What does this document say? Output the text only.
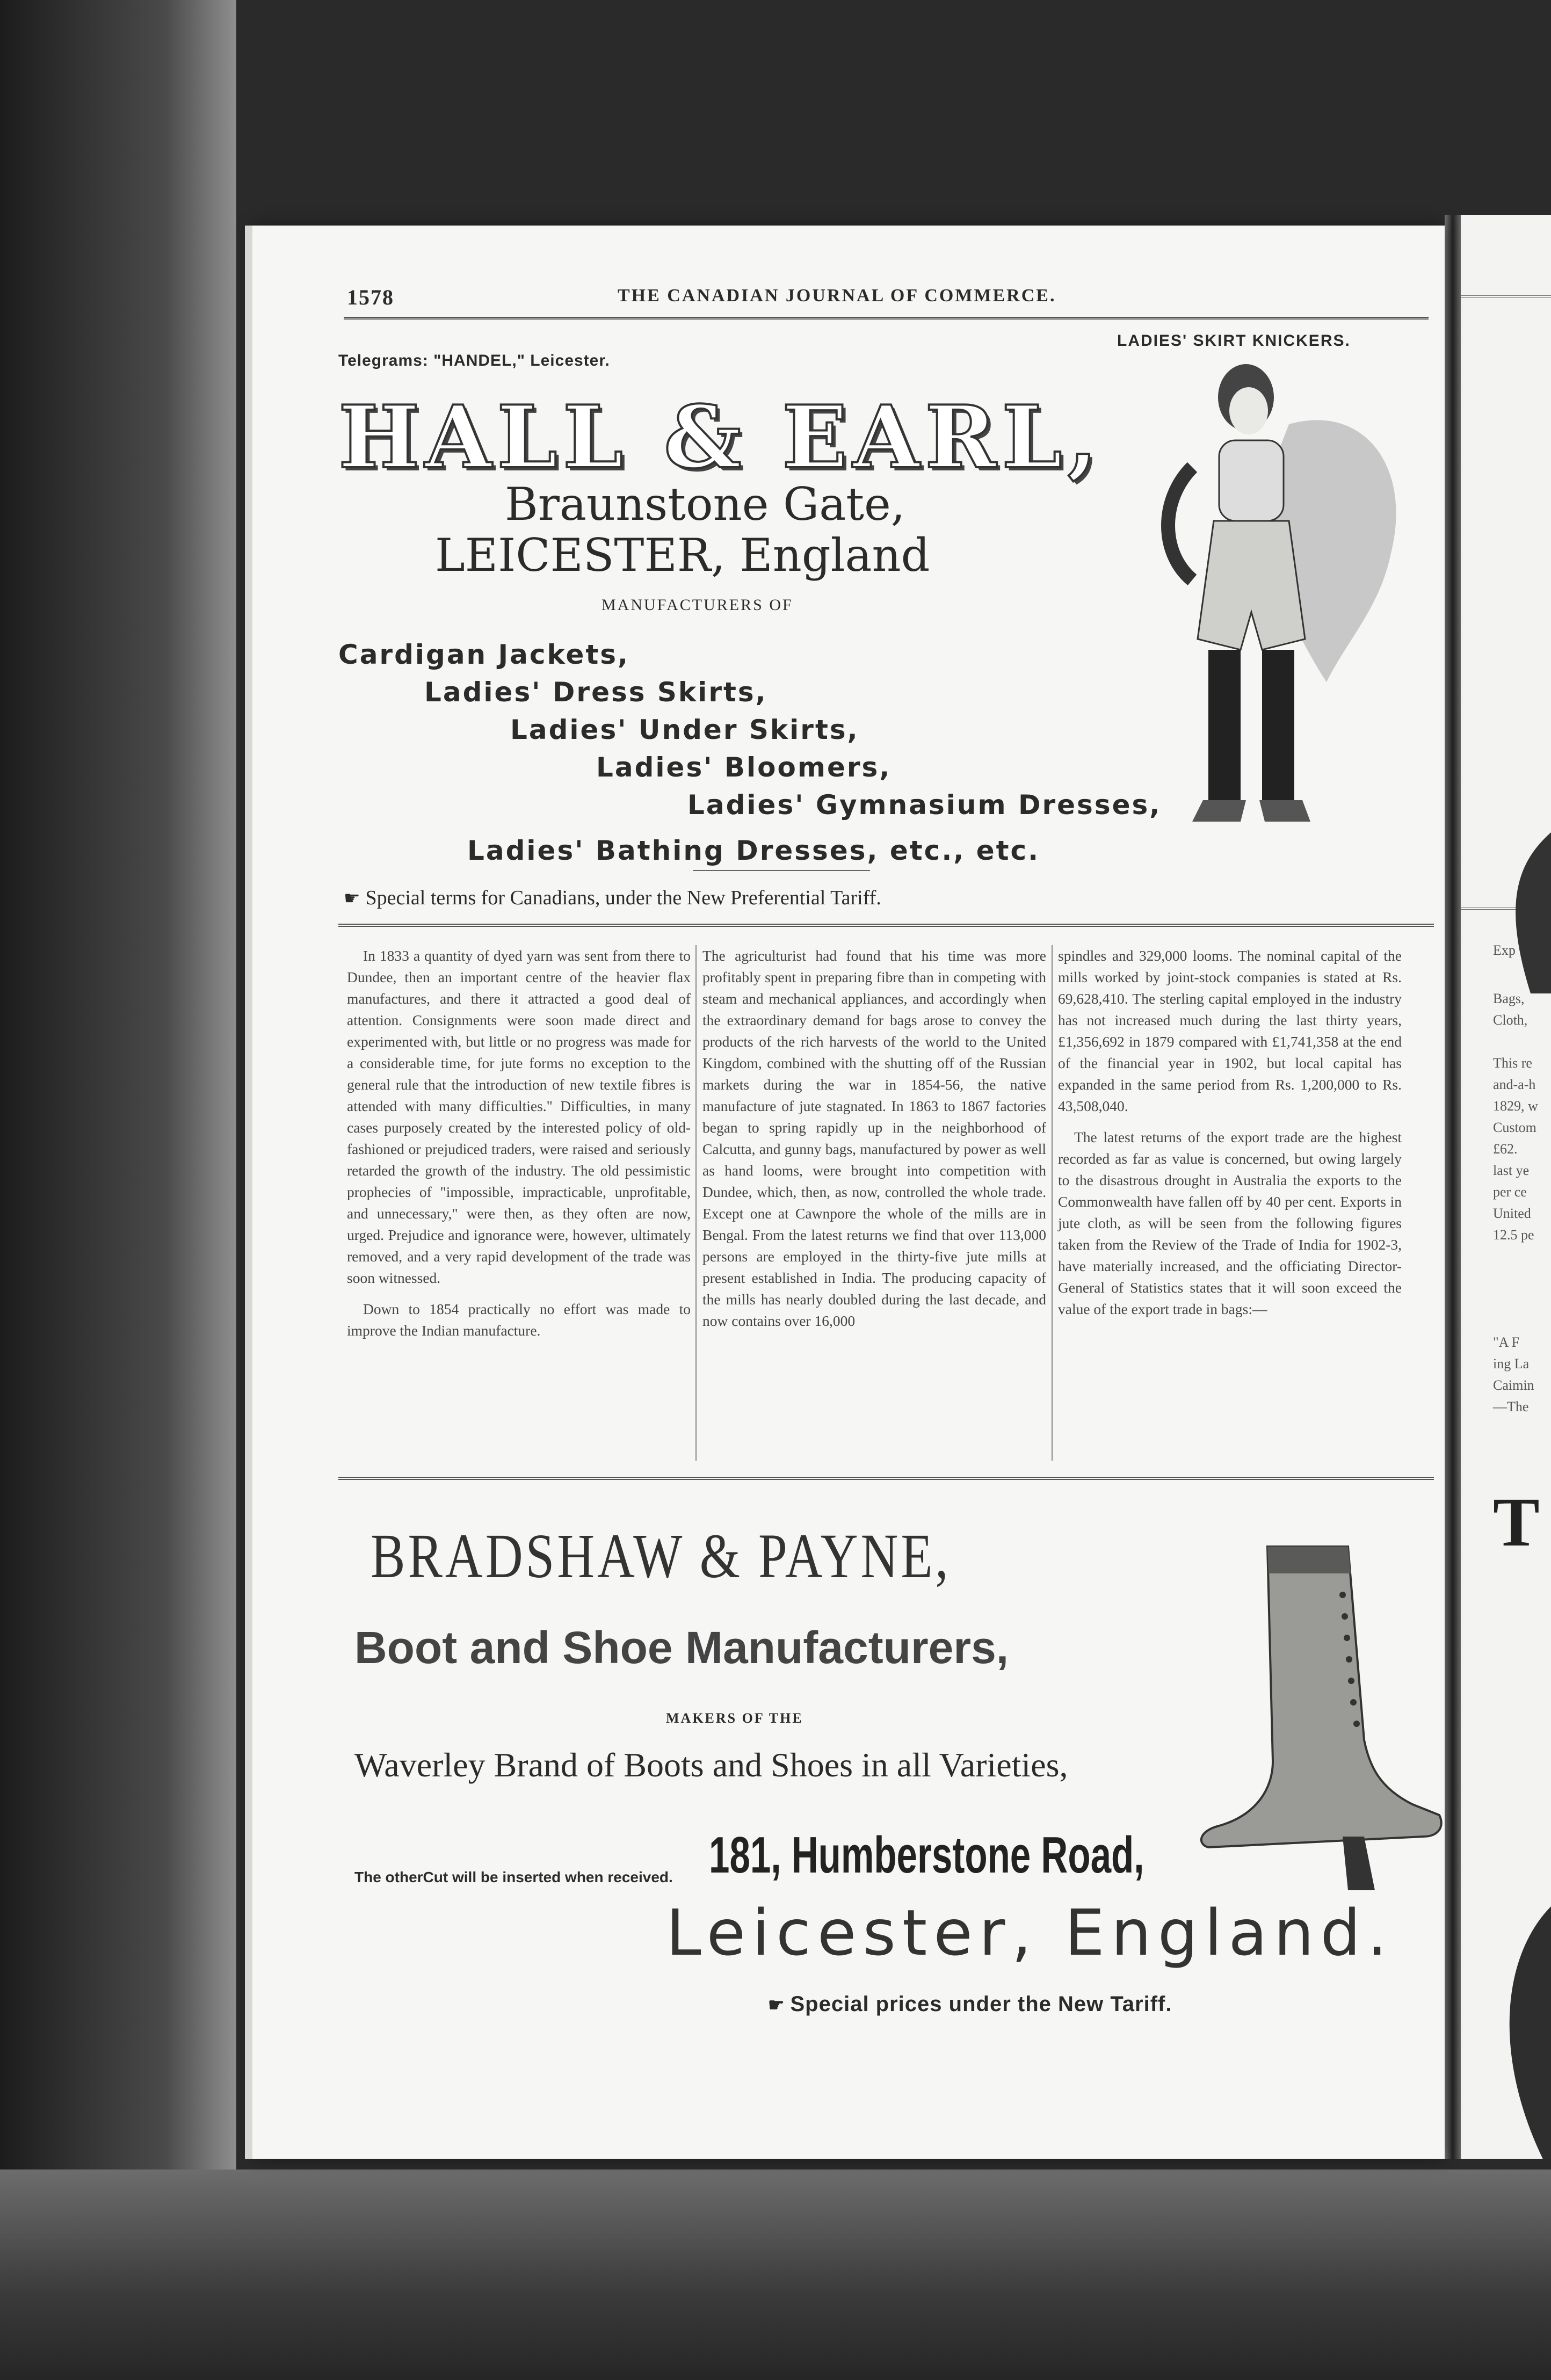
Exp
Bags,
Cloth,
This re
and-a-h
1829, w
Custom
£62.
last ye
per ce
United
12.5 pe
"A F
ing La
Caimin
—The
T
1578	THE CANADIAN JOURNAL OF COMMERCE.
Telegrams: "HANDEL," Leicester.
LADIES' SKIRT KNICKERS.
HALL & EARL,
Braunstone Gate,
LEICESTER, England
MANUFACTURERS OF
Cardigan Jackets,
Ladies' Dress Skirts,
Ladies' Under Skirts,
Ladies' Bloomers,
Ladies' Gymnasium Dresses,
Ladies' Bathing Dresses, etc., etc.
☛ Special terms for Canadians, under the New Preferential Tariff.

In 1833 a quantity of dyed yarn was sent from there to Dundee, then an important centre of the heavier flax manufactures, and there it attracted a good deal of attention. Consignments were soon made direct and experimented with, but little or no progress was made for a considerable time, for jute forms no exception to the general rule that the introduction of new textile fibres is attended with many difficulties." Difficulties, in many cases purposely created by the interested policy of old-fashioned or prejudiced traders, were raised and seriously retarded the growth of the industry. The old pessimistic prophecies of "impossible, impracticable, unprofitable, and unnecessary," were then, as they often are now, urged. Prejudice and ignorance were, however, ultimately removed, and a very rapid development of the trade was soon witnessed.

Down to 1854 practically no effort was made to improve the Indian manufacture.

The agriculturist had found that his time was more profitably spent in preparing fibre than in competing with steam and mechanical appliances, and accordingly when the extraordinary demand for bags arose to convey the products of the rich harvests of the world to the United Kingdom, combined with the shutting off of the Russian markets during the war in 1854-56, the native manufacture of jute stagnated. In 1863 to 1867 factories began to spring rapidly up in the neighborhood of Calcutta, and gunny bags, manufactured by power as well as hand looms, were brought into competition with Dundee, which, then, as now, controlled the whole trade. Except one at Cawnpore the whole of the mills are in Bengal. From the latest returns we find that over 113,000 persons are employed in the thirty-five jute mills at present established in India. The producing capacity of the mills has nearly doubled during the last decade, and now contains over 16,000

spindles and 329,000 looms. The nominal capital of the mills worked by joint-stock companies is stated at Rs. 69,628,410. The sterling capital employed in the industry has not increased much during the last thirty years, £1,356,692 in 1879 compared with £1,741,358 at the end of the financial year in 1902, but local capital has expanded in the same period from Rs. 1,200,000 to Rs. 43,508,040.

The latest returns of the export trade are the highest recorded as far as value is concerned, but owing largely to the disastrous drought in Australia the exports to the Commonwealth have fallen off by 40 per cent. Exports in jute cloth, as will be seen from the following figures taken from the Review of the Trade of India for 1902-3, have materially increased, and the officiating Director-General of Statistics states that it will soon exceed the value of the export trade in bags:—

BRADSHAW & PAYNE,
Boot and Shoe Manufacturers,
MAKERS OF THE
Waverley Brand of Boots and Shoes in all Varieties,
181, Humberstone Road,
The otherCut will be inserted when received.
Leicester, England.
☛ Special prices under the New Tariff.
